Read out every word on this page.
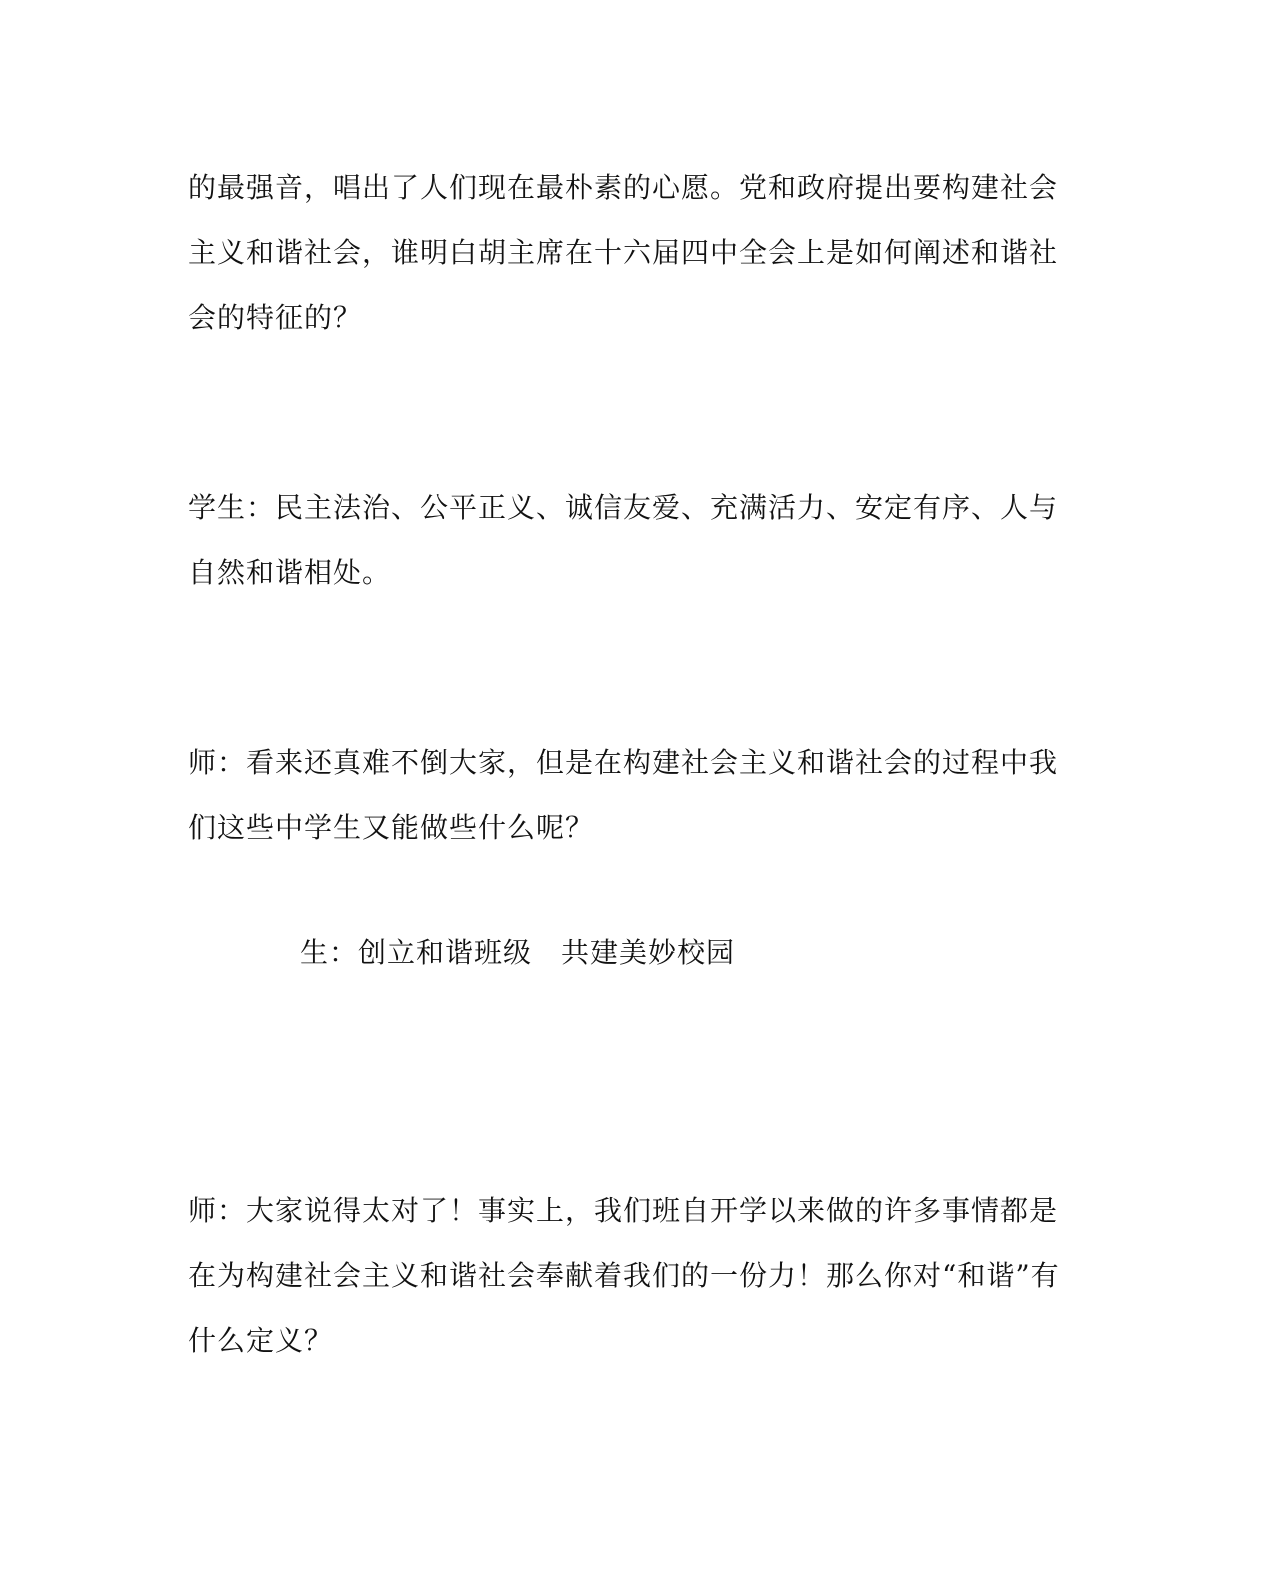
的最强音，唱出了人们现在最朴素的心愿。党和政府提出要构建社会
主义和谐社会，谁明白胡主席在十六届四中全会上是如何阐述和谐社
会的特征的？
学生：民主法治、公平正义、诚信友爱、充满活力、安定有序、人与
自然和谐相处。
师：看来还真难不倒大家，但是在构建社会主义和谐社会的过程中我
们这些中学生又能做些什么呢？
生：创立和谐班级　共建美妙校园
师：大家说得太对了！事实上，我们班自开学以来做的许多事情都是
在为构建社会主义和谐社会奉献着我们的一份力！那么你对“和谐”有
什么定义？
